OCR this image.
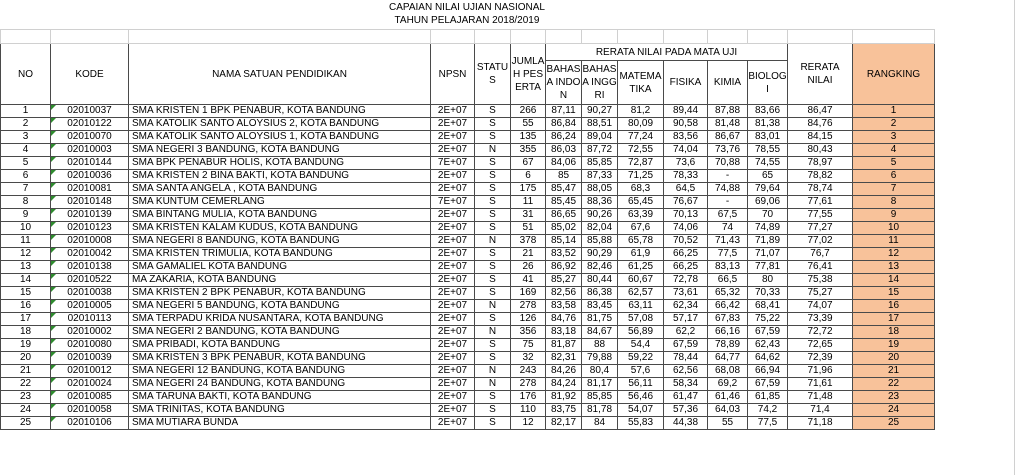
CAPAIAN NILAI UJIAN NASIONAL
TAHUN PELAJARAN 2018/2019

NO	KODE	NAMA SATUAN PENDIDIKAN	NPSN	STATUS	JUMLAH PESERTA	RERATA NILAI PADA MATA UJI						RERATA NILAI	RANGKING
						BAHASA INDON	BAHASA INGGRI	MATEMATIKA	FISIKA	KIMIA	BIOLOGI		
1	02010037	SMA KRISTEN 1 BPK PENABUR, KOTA BANDUNG	2E+07	S	266	87,11	90,27	81,2	89,44	87,88	83,66	86,47	1
2	02010122	SMA KATOLIK SANTO ALOYSIUS 2, KOTA BANDUNG	2E+07	S	55	86,84	88,51	80,09	90,58	81,48	81,38	84,76	2
3	02010070	SMA KATOLIK SANTO ALOYSIUS 1, KOTA BANDUNG	2E+07	S	135	86,24	89,04	77,24	83,56	86,67	83,01	84,15	3
4	02010003	SMA NEGERI 3 BANDUNG, KOTA BANDUNG	2E+07	N	355	86,03	87,72	72,55	74,04	73,76	78,55	80,43	4
5	02010144	SMA BPK PENABUR HOLIS, KOTA BANDUNG	7E+07	S	67	84,06	85,85	72,87	73,6	70,88	74,55	78,97	5
6	02010036	SMA KRISTEN 2 BINA BAKTI, KOTA BANDUNG	2E+07	S	6	85	87,33	71,25	78,33	-	65	78,82	6
7	02010081	SMA SANTA ANGELA , KOTA BANDUNG	2E+07	S	175	85,47	88,05	68,3	64,5	74,88	79,64	78,74	7
8	02010148	SMA KUNTUM CEMERLANG	7E+07	S	11	85,45	88,36	65,45	76,67	-	69,06	77,61	8
9	02010139	SMA BINTANG MULIA, KOTA BANDUNG	2E+07	S	31	86,65	90,26	63,39	70,13	67,5	70	77,55	9
10	02010123	SMA KRISTEN KALAM KUDUS, KOTA BANDUNG	2E+07	S	51	85,02	82,04	67,6	74,06	74	74,89	77,27	10
11	02010008	SMA NEGERI 8 BANDUNG, KOTA BANDUNG	2E+07	N	378	85,14	85,88	65,78	70,52	71,43	71,89	77,02	11
12	02010042	SMA KRISTEN TRIMULIA, KOTA BANDUNG	2E+07	S	21	83,52	90,29	61,9	66,25	77,5	71,07	76,7	12
13	02010138	SMA GAMALIEL KOTA BANDUNG	2E+07	S	26	86,92	82,46	61,25	66,25	83,13	77,81	76,41	13
14	02010522	MA ZAKARIA, KOTA BANDUNG	2E+07	S	41	85,27	80,44	60,67	72,78	66,5	80	75,38	14
15	02010038	SMA KRISTEN 2 BPK PENABUR, KOTA BANDUNG	2E+07	S	169	82,56	86,38	62,57	73,61	65,32	70,33	75,27	15
16	02010005	SMA NEGERI 5 BANDUNG, KOTA BANDUNG	2E+07	N	278	83,58	83,45	63,11	62,34	66,42	68,41	74,07	16
17	02010113	SMA TERPADU KRIDA NUSANTARA, KOTA BANDUNG	2E+07	S	126	84,76	81,75	57,08	57,17	67,83	75,22	73,39	17
18	02010002	SMA NEGERI 2 BANDUNG, KOTA BANDUNG	2E+07	N	356	83,18	84,67	56,89	62,2	66,16	67,59	72,72	18
19	02010080	SMA PRIBADI, KOTA BANDUNG	2E+07	S	75	81,87	88	54,4	67,59	78,89	62,43	72,65	19
20	02010039	SMA KRISTEN 3 BPK PENABUR, KOTA BANDUNG	2E+07	S	32	82,31	79,88	59,22	78,44	64,77	64,62	72,39	20
21	02010012	SMA NEGERI 12 BANDUNG, KOTA BANDUNG	2E+07	N	243	84,26	80,4	57,6	62,56	68,08	66,94	71,96	21
22	02010024	SMA NEGERI 24 BANDUNG, KOTA BANDUNG	2E+07	N	278	84,24	81,17	56,11	58,34	69,2	67,59	71,61	22
23	02010085	SMA TARUNA BAKTI, KOTA BANDUNG	2E+07	S	176	81,92	85,85	56,46	61,47	61,46	61,85	71,48	23
24	02010058	SMA TRINITAS, KOTA BANDUNG	2E+07	S	110	83,75	81,78	54,07	57,36	64,03	74,2	71,4	24
25	02010106	SMA MUTIARA BUNDA	2E+07	S	12	82,17	84	55,83	44,38	55	77,5	71,18	25
